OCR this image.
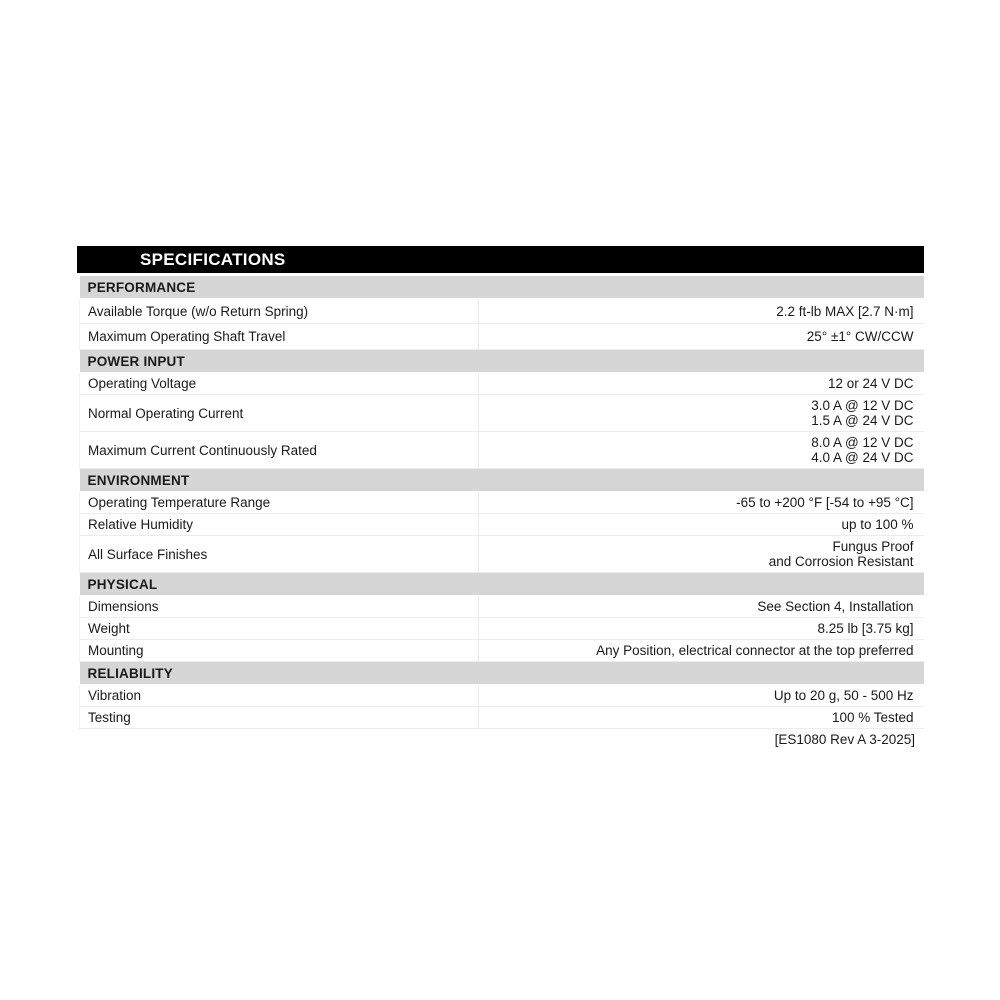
SPECIFICATIONS
PERFORMANCE	
Available Torque (w/o Return Spring)	2.2 ft-lb MAX [2.7 N·m]

Maximum Operating Shaft Travel	25° ±1° CW/CCW

POWER INPUT	
Operating Voltage	12 or 24 V DC

Normal Operating Current	3.0 A @ 12 V DC
1.5 A @ 24 V DC

Maximum Current Continuously Rated	8.0 A @ 12 V DC
4.0 A @ 24 V DC

ENVIRONMENT	
Operating Temperature Range	-65 to +200 °F [-54 to +95 °C]

Relative Humidity	up to 100 %

All Surface Finishes	Fungus Proof
and Corrosion Resistant

PHYSICAL	
Dimensions	See Section 4, Installation

Weight	8.25 lb [3.75 kg]

Mounting	Any Position, electrical connector at the top preferred

RELIABILITY	
Vibration	Up to 20 g, 50 - 500 Hz

Testing	100 % Tested
[ES1080 Rev A 3-2025]
